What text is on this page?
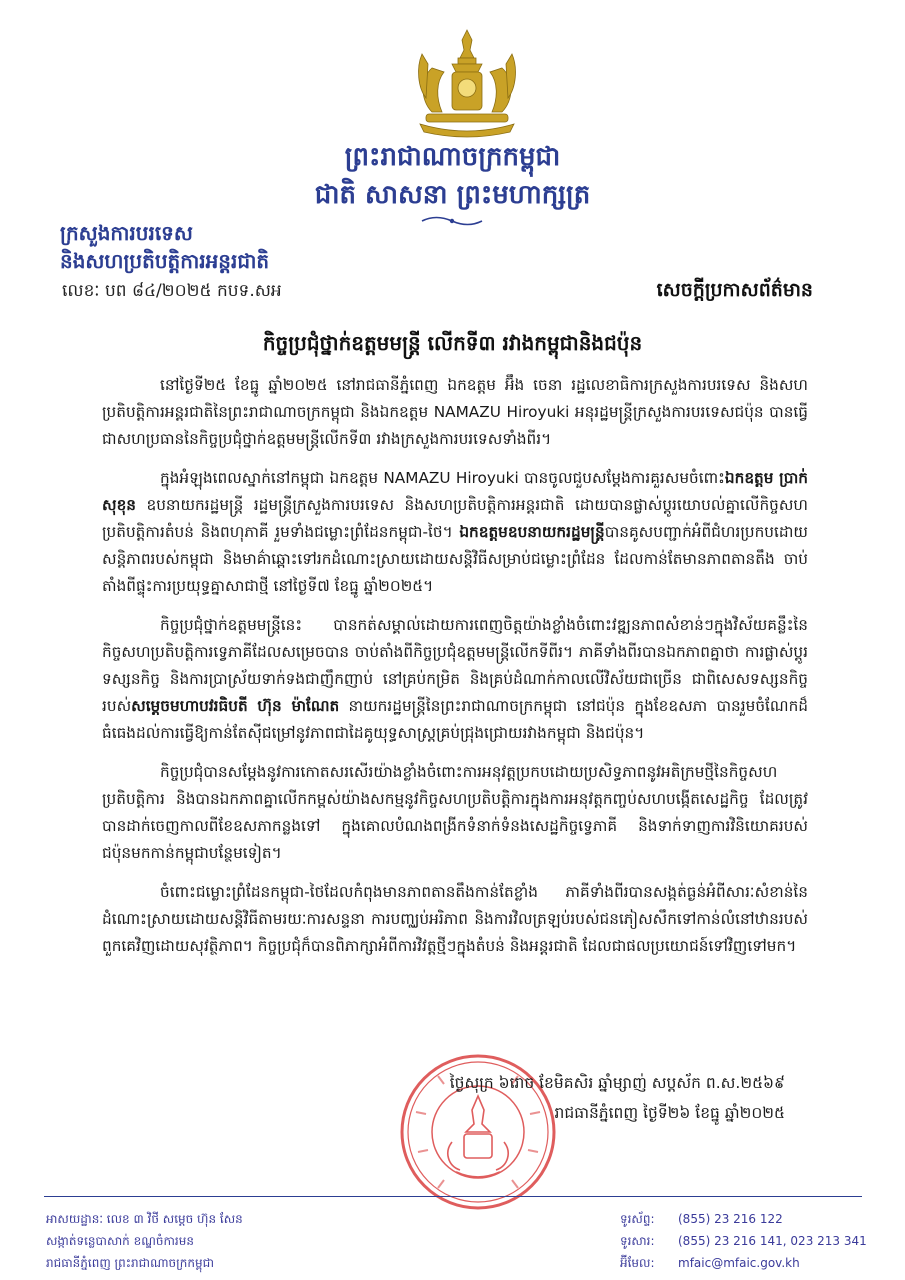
ព្រះរាជាណាចក្រកម្ពុជា
ជាតិ សាសនា ព្រះមហាក្សត្រ
ក្រសួងការបរទេស
និងសហប្រតិបត្តិការអន្តរជាតិ
លេខៈ បព ៨៤/២០២៥ កបទ.សអ	សេចក្តីប្រកាសព័ត៌មាន
កិច្ចប្រជុំថ្នាក់ឧត្តមមន្ត្រី លើកទី៣ រវាងកម្ពុជានិងជប៉ុន

នៅថ្ងៃទី២៥ ខែធ្នូ ឆ្នាំ២០២៥ នៅរាជធានីភ្នំពេញ ឯកឧត្តម អ៊ឹង ចេនា រដ្ឋលេខាធិការក្រសួងការបរទេស និងសហប្រតិបត្តិការអន្តរជាតិនៃព្រះរាជាណាចក្រកម្ពុជា និងឯកឧត្តម NAMAZU Hiroyuki អនុរដ្ឋមន្ត្រីក្រសួងការបរទេសជប៉ុន បានធ្វើជាសហប្រធាននៃកិច្ចប្រជុំថ្នាក់ឧត្តមមន្ត្រីលើកទី៣ រវាងក្រសួងការបរទេសទាំងពីរ។

ក្នុងអំឡុងពេលស្នាក់នៅកម្ពុជា ឯកឧត្តម NAMAZU Hiroyuki បានចូលជួបសម្តែងការគួរសមចំពោះឯកឧត្តម ប្រាក់ សុខុន ឧបនាយករដ្ឋមន្ត្រី រដ្ឋមន្ត្រីក្រសួងការបរទេស និងសហប្រតិបត្តិការអន្តរជាតិ ដោយបានផ្លាស់ប្តូរយោបល់គ្នាលើកិច្ចសហប្រតិបត្តិការតំបន់ និងពហុភាគី រួមទាំងជម្លោះព្រំដែនកម្ពុជា-ថៃ។ ឯកឧត្តមឧបនាយករដ្ឋមន្ត្រីបានគូសបញ្ជាក់អំពីជំហរប្រកបដោយសន្តិភាពរបស់កម្ពុជា និងមាគ៌ាឆ្ពោះទៅរកដំណោះស្រាយដោយសន្តិវិធីសម្រាប់ជម្លោះព្រំដែន ដែលកាន់តែមានភាពតានតឹង ចាប់តាំងពីផ្ទុះការប្រយុទ្ធគ្នាសាជាថ្មី នៅថ្ងៃទី៧ ខែធ្នូ ឆ្នាំ២០២៥។

កិច្ចប្រជុំថ្នាក់ឧត្តមមន្ត្រីនេះ បានកត់សម្គាល់ដោយការពេញចិត្តយ៉ាងខ្លាំងចំពោះវឌ្ឍនភាពសំខាន់ៗក្នុងវិស័យគន្លឹះនៃកិច្ចសហប្រតិបត្តិការទ្វេភាគីដែលសម្រេចបាន ចាប់តាំងពីកិច្ចប្រជុំឧត្តមមន្ត្រីលើកទីពីរ។ ភាគីទាំងពីរបានឯកភាពគ្នាថា ការផ្លាស់ប្តូរទស្សនកិច្ច និងការប្រាស្រ័យទាក់ទងជាញឹកញាប់ នៅគ្រប់កម្រិត និងគ្រប់ដំណាក់កាលលើវិស័យជាច្រើន ជាពិសេសទស្សនកិច្ចរបស់សម្តេចមហាបវរធិបតី ហ៊ុន ម៉ាណែត នាយករដ្ឋមន្ត្រីនៃព្រះរាជាណាចក្រកម្ពុជា នៅជប៉ុន ក្នុងខែឧសភា បានរួមចំណែកដ៏ធំធេងដល់ការធ្វើឱ្យកាន់តែស៊ីជម្រៅនូវភាពជាដៃគូយុទ្ធសាស្ត្រគ្រប់ជ្រុងជ្រោយរវាងកម្ពុជា និងជប៉ុន។

កិច្ចប្រជុំបានសម្តែងនូវការកោតសរសើរយ៉ាងខ្លាំងចំពោះការអនុវត្តប្រកបដោយប្រសិទ្ធភាពនូវអតិក្រមថ្មីនៃកិច្ចសហប្រតិបត្តិការ និងបានឯកភាពគ្នាលើកកម្ពស់យ៉ាងសកម្មនូវកិច្ចសហប្រតិបត្តិការក្នុងការអនុវត្តកញ្ចប់សហបង្កើតសេដ្ឋកិច្ច ដែលត្រូវបានដាក់ចេញកាលពីខែឧសភាកន្លងទៅ ក្នុងគោលបំណងពង្រីកទំនាក់ទំនងសេដ្ឋកិច្ចទ្វេភាគី និងទាក់ទាញការវិនិយោគរបស់ជប៉ុនមកកាន់កម្ពុជាបន្ថែមទៀត។

ចំពោះជម្លោះព្រំដែនកម្ពុជា-ថៃដែលកំពុងមានភាពតានតឹងកាន់តែខ្លាំង ភាគីទាំងពីរបានសង្កត់ធ្ងន់អំពីសារៈសំខាន់នៃដំណោះស្រាយដោយសន្តិវិធីតាមរយៈការសន្ទនា ការបញ្ឈប់អរិភាព និងការវិលត្រឡប់របស់ជនភៀសសឹកទៅកាន់លំនៅឋានរបស់ពួកគេវិញដោយសុវត្ថិភាព។ កិច្ចប្រជុំក៏បានពិភាក្សាអំពីការវិវត្តថ្មីៗក្នុងតំបន់ និងអន្តរជាតិ ដែលជាផលប្រយោជន៍ទៅវិញទៅមក។

ថ្ងៃសុក្រ ៦រោច ខែមិគសិរ ឆ្នាំម្សាញ់ សប្តស័ក ព.ស.២៥៦៩
រាជធានីភ្នំពេញ ថ្ងៃទី២៦ ខែធ្នូ ឆ្នាំ២០២៥
អាសយដ្ឋានៈ លេខ ៣ វិថី សម្តេច ហ៊ុន សែន
សង្កាត់ទន្លេបាសាក់ ខណ្ឌចំការមន
រាជធានីភ្នំពេញ ព្រះរាជាណាចក្រកម្ពុជា
ទូរស័ព្ទ: (855) 23 216 122
ទូរសារ: (855) 23 216 141, 023 213 341
អ៊ីមែល: mfaic@mfaic.gov.kh
